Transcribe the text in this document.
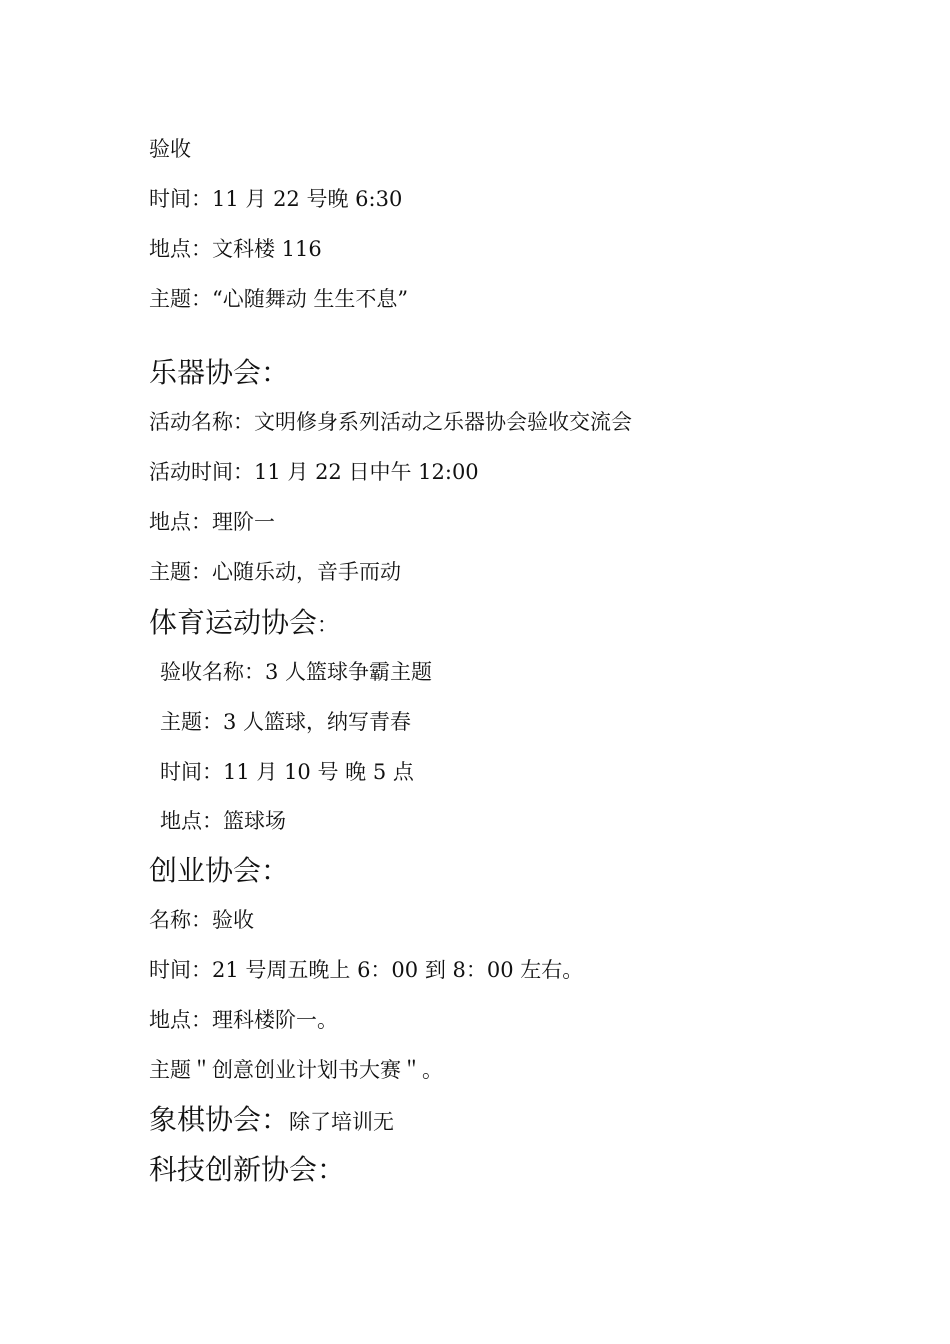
验收
时间：11 月 22 号晚 6:30
地点：文科楼 116
主题：“心随舞动 生生不息”
乐器协会：
活动名称：文明修身系列活动之乐器协会验收交流会
活动时间：11 月 22 日中午 12:00
地点：理阶一
主题：心随乐动，音手而动
体育运动协会：
验收名称：3 人篮球争霸主题
主题：3 人篮球，纳写青春
时间：11 月 10 号 晚 5 点
地点：篮球场
创业协会：
名称：验收
时间：21 号周五晚上 6：00 到 8：00 左右。
地点：理科楼阶一。
主题＂创意创业计划书大赛＂。
象棋协会：除了培训无
科技创新协会：
